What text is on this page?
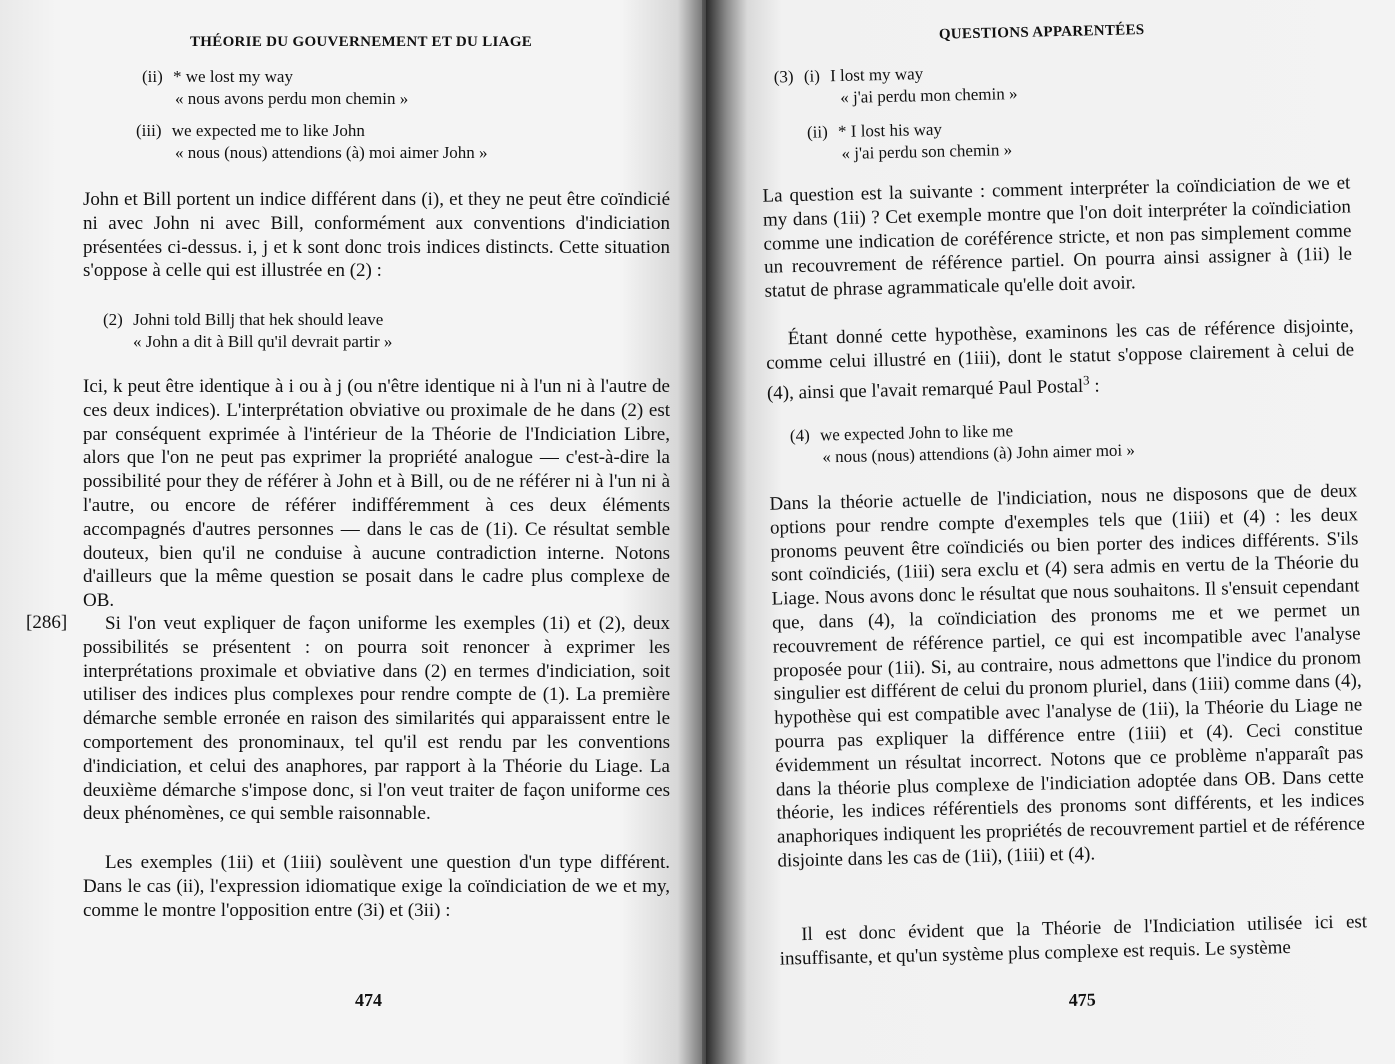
THÉORIE DU GOUVERNEMENT ET DU LIAGE
(ii) * we lost my way
« nous avons perdu mon chemin »
(iii) we expected me to like John
« nous (nous) attendions (à) moi aimer John »

John et Bill portent un indice différent dans (i), et they ne peut être coïndicié ni avec John ni avec Bill, conformément aux conventions d'indiciation présentées ci-dessus. i, j et k sont donc trois indices distincts. Cette situation s'oppose à celle qui est illustrée en (2) :

(2) Johni told Billj that hek should leave
« John a dit à Bill qu'il devrait partir »

Ici, k peut être identique à i ou à j (ou n'être identique ni à l'un ni à l'autre de ces deux indices). L'interprétation obviative ou proximale de he dans (2) est par conséquent exprimée à l'intérieur de la Théorie de l'Indiciation Libre, alors que l'on ne peut pas exprimer la propriété analogue — c'est-à-dire la possibilité pour they de référer à John et à Bill, ou de ne référer ni à l'un ni à l'autre, ou encore de référer indifféremment à ces deux éléments accompagnés d'autres personnes — dans le cas de (1i). Ce résultat semble douteux, bien qu'il ne conduise à aucune contradiction interne. Notons d'ailleurs que la même question se posait dans le cadre plus complexe de OB.

[286]	Si l'on veut expliquer de façon uniforme les exemples (1i) et (2), deux possibilités se présentent : on pourra soit renoncer à exprimer les interprétations proximale et obviative dans (2) en termes d'indiciation, soit utiliser des indices plus complexes pour rendre compte de (1). La première démarche semble erronée en raison des similarités qui apparaissent entre le comportement des pronominaux, tel qu'il est rendu par les conventions d'indiciation, et celui des anaphores, par rapport à la Théorie du Liage. La deuxième démarche s'impose donc, si l'on veut traiter de façon uniforme ces deux phénomènes, ce qui semble raisonnable.

Les exemples (1ii) et (1iii) soulèvent une question d'un type différent. Dans le cas (ii), l'expression idiomatique exige la coïndiciation de we et my, comme le montre l'opposition entre (3i) et (3ii) :

474
QUESTIONS APPARENTÉES
(3) (i) I lost my way
« j'ai perdu mon chemin »
(ii) * I lost his way
« j'ai perdu son chemin »

La question est la suivante : comment interpréter la coïndiciation de we et my dans (1ii) ? Cet exemple montre que l'on doit interpréter la coïndiciation comme une indication de coréférence stricte, et non pas simplement comme un recouvrement de référence partiel. On pourra ainsi assigner à (1ii) le statut de phrase agrammaticale qu'elle doit avoir.

Étant donné cette hypothèse, examinons les cas de référence disjointe, comme celui illustré en (1iii), dont le statut s'oppose clairement à celui de (4), ainsi que l'avait remarqué Paul Postal$^3$ :

(4) we expected John to like me
« nous (nous) attendions (à) John aimer moi »

Dans la théorie actuelle de l'indiciation, nous ne disposons que de deux options pour rendre compte d'exemples tels que (1iii) et (4) : les deux pronoms peuvent être coïndiciés ou bien porter des indices différents. S'ils sont coïndiciés, (1iii) sera exclu et (4) sera admis en vertu de la Théorie du Liage. Nous avons donc le résultat que nous souhaitons. Il s'ensuit cependant que, dans (4), la coïndiciation des pronoms me et we permet un recouvrement de référence partiel, ce qui est incompatible avec l'analyse proposée pour (1ii). Si, au contraire, nous admettons que l'indice du pronom singulier est différent de celui du pronom pluriel, dans (1iii) comme dans (4), hypothèse qui est compatible avec l'analyse de (1ii), la Théorie du Liage ne pourra pas expliquer la différence entre (1iii) et (4). Ceci constitue évidemment un résultat incorrect. Notons que ce problème n'apparaît pas dans la théorie plus complexe de l'indiciation adoptée dans OB. Dans cette théorie, les indices référentiels des pronoms sont différents, et les indices anaphoriques indiquent les propriétés de recouvrement partiel et de référence disjointe dans les cas de (1ii), (1iii) et (4).

Il est donc évident que la Théorie de l'Indiciation utilisée ici est insuffisante, et qu'un système plus complexe est requis. Le système

475
